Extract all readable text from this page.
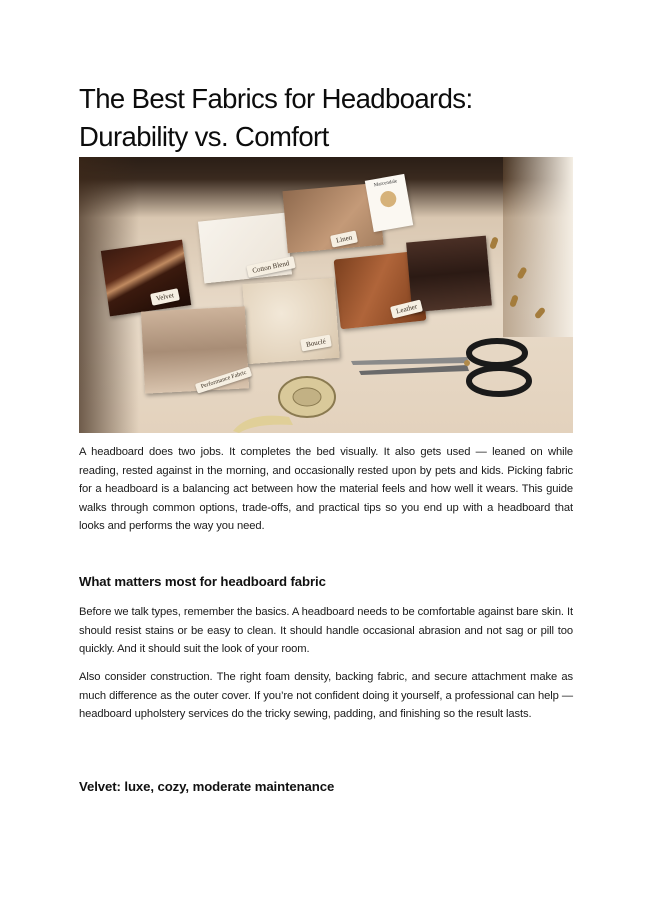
The Best Fabrics for Headboards:
Durability vs. Comfort
Marcendale
Velvet
Cotton Blend
Linen
Leather
Bouclé
Performance Fabric

A headboard does two jobs. It completes the bed visually. It also gets used — leaned on while reading, rested against in the morning, and occasionally rested upon by pets and kids. Picking fabric for a headboard is a balancing act between how the material feels and how well it wears. This guide walks through common options, trade-offs, and practical tips so you end up with a headboard that looks and performs the way you need.

What matters most for headboard fabric

Before we talk types, remember the basics. A headboard needs to be comfortable against bare skin. It should resist stains or be easy to clean. It should handle occasional abrasion and not sag or pill too quickly. And it should suit the look of your room.

Also consider construction. The right foam density, backing fabric, and secure attachment make as much difference as the outer cover. If you’re not confident doing it yourself, a professional can help — headboard upholstery services do the tricky sewing, padding, and finishing so the result lasts.

Velvet: luxe, cozy, moderate maintenance
